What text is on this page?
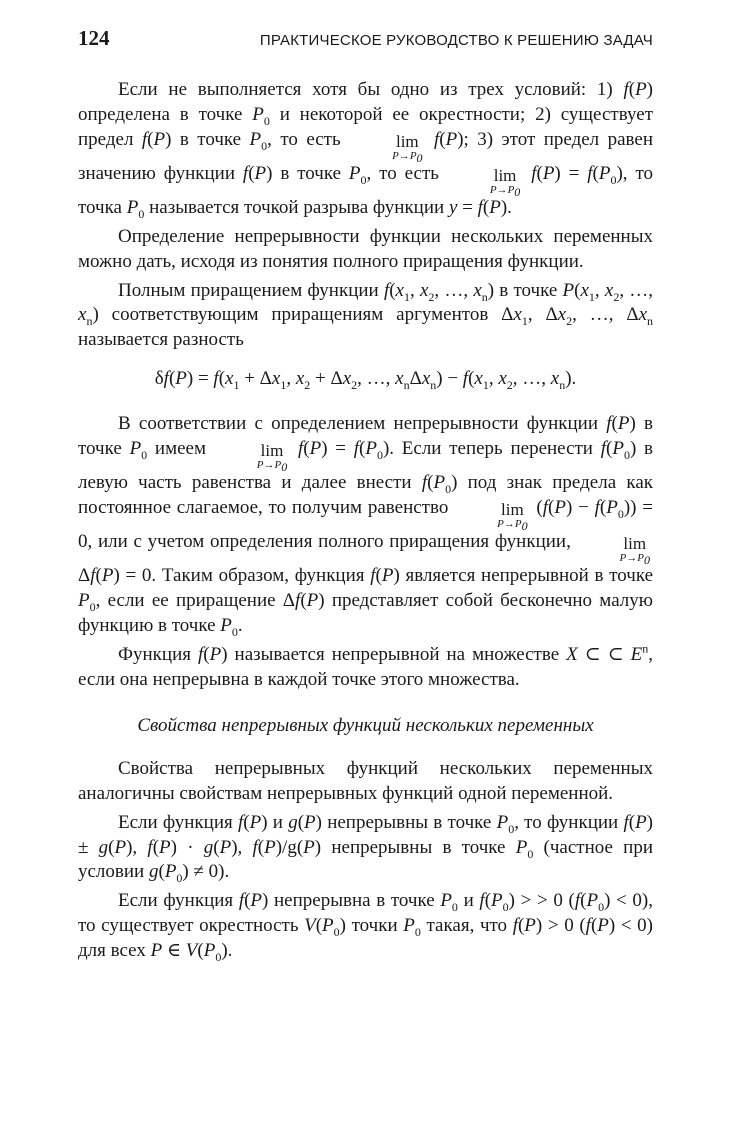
124	ПРАКТИЧЕСКОЕ РУКОВОДСТВО К РЕШЕНИЮ ЗАДАЧ

Если не выполняется хотя бы одно из трех условий: 1) f(P) определена в точке $P_0$ и некоторой ее окрестности; 2) существует предел f(P) в точке $P_0$, то есть	lim
$P\to P_0$
f(P); 3) этот предел равен значению функции f(P) в точке $P_0$, то есть	lim
$P\to P_0$
$f(P) = f(P_0)$, то точка $P_0$ называется точкой разрыва функции y = f(P).

Определение непрерывности функции нескольких переменных можно дать, исходя из понятия полного приращения функции.

Полным приращением функции $f(x_1$, $x_2$, …, $x_n$) в точке $P(x_1$, $x_2$, …, $x_n$) соответствующим приращениям аргументов $\Delta x_1$, $\Delta x_2$, …, $\Delta x_n$ называется разность

$\delta f(P) = f(x_1 + \Delta x_1$, $x_2 + \Delta x_2$, …, $x_n\Delta x_n) - f(x_1$, $x_2$, …, $x_n$).

В соответствии с определением непрерывности функции f(P) в точке $P_0$ имеем	lim
$P\to P_0$
$f(P) = f(P_0)$. Если теперь перенести $f(P_0)$ в левую часть равенства и далее внести $f(P_0)$ под знак предела как постоянное слагаемое, то получим равенство	lim
$P\to P_0$
$(f(P) - f(P_0)) = 0$, или с учетом определения полного приращения функции,	lim
$P\to P_0$
Δf(P) = 0. Таким образом, функция f(P) является непрерывной в точке $P_0$, если ее приращение Δf(P) представляет собой бесконечно малую функцию в точке $P_0$.

Функция f(P) называется непрерывной на множестве X ⊂ ⊂ $E^n$, если она непрерывна в каждой точке этого множества.

Свойства непрерывных функций нескольких переменных

Свойства непрерывных функций нескольких переменных аналогичны свойствам непрерывных функций одной переменной.

Если функция f(P) и g(P) непрерывны в точке $P_0$, то функции f(P) ± g(P), f(P) · g(P), f(P)/g(P) непрерывны в точке $P_0$ (частное при условии $g(P_0) \ne 0$).

Если функция f(P) непрерывна в точке $P_0$ и $f(P_0)$ > > 0 $(f(P_0) < 0)$, то существует окрестность $V(P_0)$ точки $P_0$ такая, что f(P) > 0 (f(P) < 0) для всех P ∈ $V(P_0)$.
